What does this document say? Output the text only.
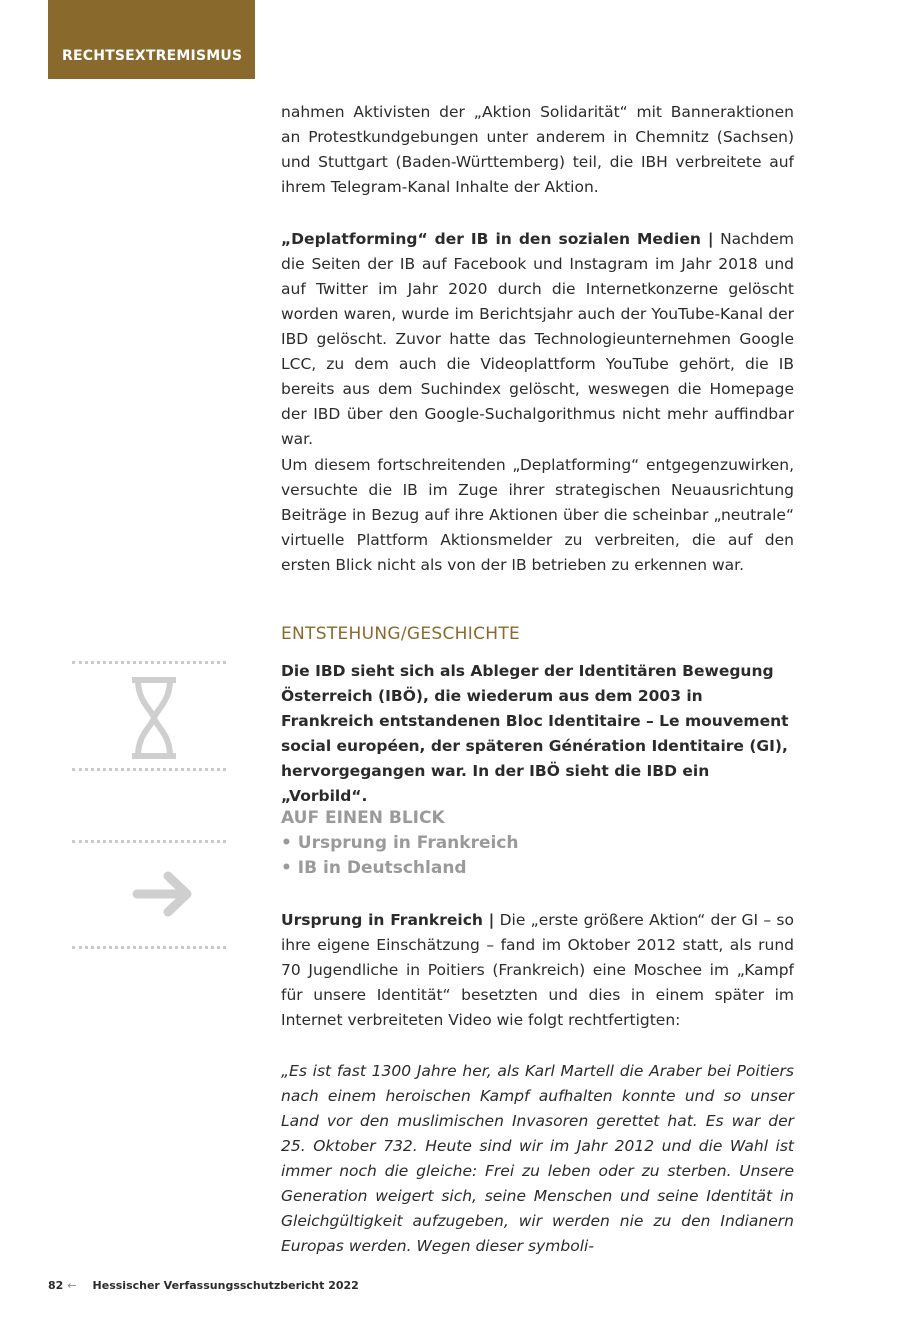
RECHTSEXTREMISMUS

nahmen Aktivisten der „Aktion Solidarität“ mit Banneraktionen an Protestkundgebungen unter anderem in Chemnitz (Sachsen) und Stuttgart (Baden-Württemberg) teil, die IBH verbreitete auf ihrem Telegram-Kanal Inhalte der Aktion.

„Deplatforming“ der IB in den sozialen Medien | Nachdem die Seiten der IB auf Facebook und Instagram im Jahr 2018 und auf Twitter im Jahr 2020 durch die Internetkonzerne gelöscht worden waren, wurde im Berichtsjahr auch der YouTube-Kanal der IBD gelöscht. Zuvor hatte das Technologieunternehmen Google LCC, zu dem auch die Videoplattform YouTube gehört, die IB bereits aus dem Suchindex gelöscht, weswegen die Homepage der IBD über den Google-Suchalgorithmus nicht mehr auffindbar war.

Um diesem fortschreitenden „Deplatforming“ entgegenzuwirken, versuchte die IB im Zuge ihrer strategischen Neuausrichtung Beiträge in Bezug auf ihre Aktionen über die scheinbar „neutrale“ virtuelle Plattform Aktionsmelder zu verbreiten, die auf den ersten Blick nicht als von der IB betrieben zu erkennen war.

ENTSTEHUNG/GESCHICHTE
Die IBD sieht sich als Ableger der Identitären Bewegung Österreich (IBÖ), die wiederum aus dem 2003 in Frankreich entstandenen Bloc Identitaire – Le mouvement social européen, der späteren Génération Identitaire (GI), hervorgegangen war. In der IBÖ sieht die IBD ein „Vorbild“.
AUF EINEN BLICK
• Ursprung in Frankreich
• IB in Deutschland

Ursprung in Frankreich | Die „erste größere Aktion“ der GI – so ihre eigene Einschätzung – fand im Oktober 2012 statt, als rund 70 Jugendliche in Poitiers (Frankreich) eine Moschee im „Kampf für unsere Identität“ besetzten und dies in einem später im Internet verbreiteten Video wie folgt rechtfertigten:

„Es ist fast 1300 Jahre her, als Karl Martell die Araber bei Poitiers nach einem heroischen Kampf aufhalten konnte und so unser Land vor den muslimischen Invasoren gerettet hat. Es war der 25. Oktober 732. Heute sind wir im Jahr 2012 und die Wahl ist immer noch die gleiche: Frei zu leben oder zu sterben. Unsere Generation weigert sich, seine Menschen und seine Identität in Gleichgültigkeit aufzugeben, wir werden nie zu den Indianern Europas werden. Wegen dieser symboli-

82 ← Hessischer Verfassungsschutzbericht 2022
